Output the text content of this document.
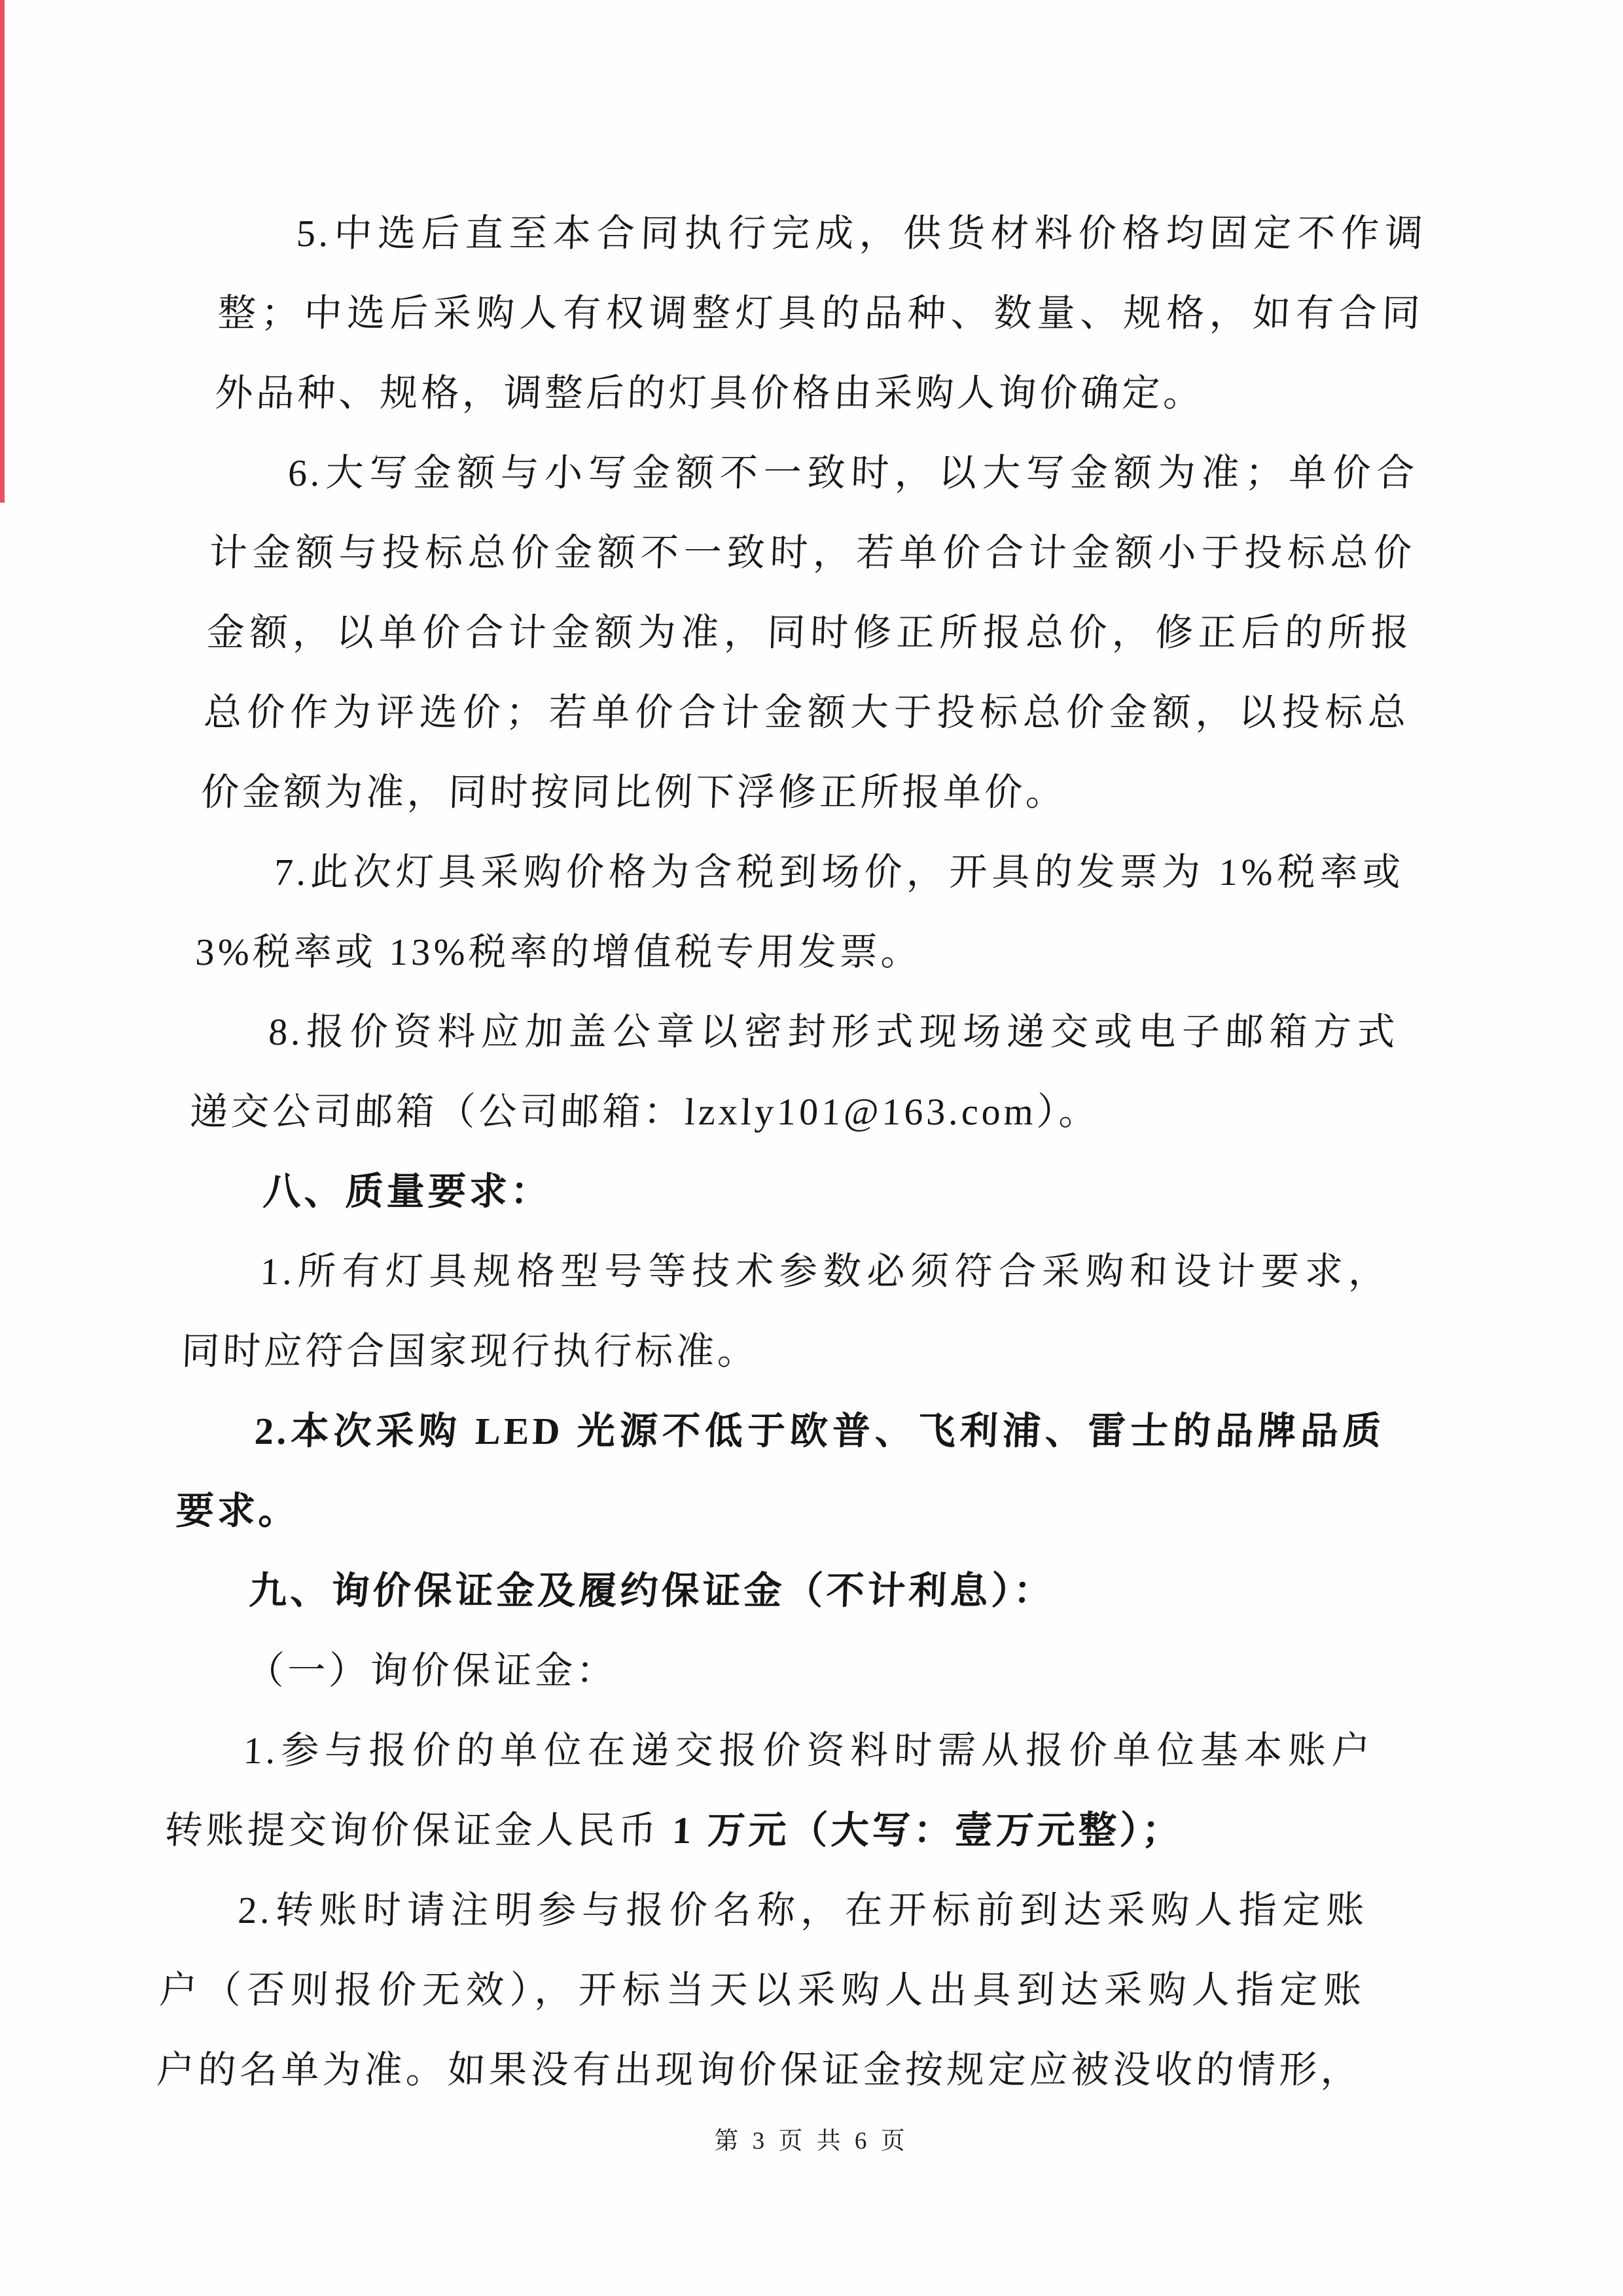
5.中选后直至本合同执行完成，供货材料价格均固定不作调
整；中选后采购人有权调整灯具的品种、数量、规格，如有合同
外品种、规格，调整后的灯具价格由采购人询价确定。
6.大写金额与小写金额不一致时，以大写金额为准；单价合
计金额与投标总价金额不一致时，若单价合计金额小于投标总价
金额，以单价合计金额为准，同时修正所报总价，修正后的所报
总价作为评选价；若单价合计金额大于投标总价金额，以投标总
价金额为准，同时按同比例下浮修正所报单价。
7.此次灯具采购价格为含税到场价，开具的发票为 1%税率或
3%税率或 13%税率的增值税专用发票。
8.报价资料应加盖公章以密封形式现场递交或电子邮箱方式
递交公司邮箱（公司邮箱：lzxly101@163.com）。
八、质量要求：
1.所有灯具规格型号等技术参数必须符合采购和设计要求，
同时应符合国家现行执行标准。
2.本次采购 LED 光源不低于欧普、飞利浦、雷士的品牌品质
要求。
九、询价保证金及履约保证金（不计利息）：
（一）询价保证金：
1.参与报价的单位在递交报价资料时需从报价单位基本账户
转账提交询价保证金人民币 1 万元（大写：壹万元整）；
2.转账时请注明参与报价名称，在开标前到达采购人指定账
户（否则报价无效），开标当天以采购人出具到达采购人指定账
户的名单为准。如果没有出现询价保证金按规定应被没收的情形，
第 3 页 共 6 页
